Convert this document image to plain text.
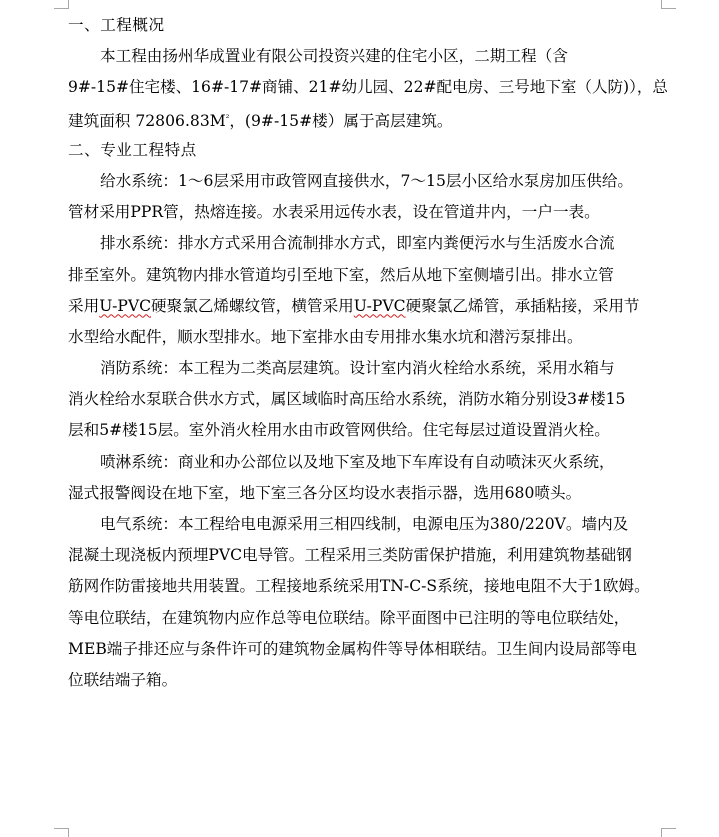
一、工程概况
本工程由扬州华成置业有限公司投资兴建的住宅小区，二期工程（含
9#-15#住宅楼、16#-17#商铺、21#幼儿园、22#配电房、三号地下室（人防)），总
建筑面积 $72806.83M^{^2}$，(9#-15#楼）属于高层建筑。
二、专业工程特点
给水系统：1～6层采用市政管网直接供水，7～15层小区给水泵房加压供给。
管材采用PPR管，热熔连接。水表采用远传水表，设在管道井内，一户一表。
排水系统：排水方式采用合流制排水方式，即室内粪便污水与生活废水合流
排至室外。建筑物内排水管道均引至地下室，然后从地下室侧墙引出。排水立管
采用U-PVC硬聚氯乙烯螺纹管，横管采用U-PVC硬聚氯乙烯管，承插粘接，采用节
水型给水配件，顺水型排水。地下室排水由专用排水集水坑和潜污泵排出。
消防系统：本工程为二类高层建筑。设计室内消火栓给水系统，采用水箱与
消火栓给水泵联合供水方式，属区域临时高压给水系统，消防水箱分别设3#楼15
层和5#楼15层。室外消火栓用水由市政管网供给。住宅每层过道设置消火栓。
喷淋系统：商业和办公部位以及地下室及地下车库设有自动喷沫灭火系统，
湿式报警阀设在地下室，地下室三各分区均设水表指示器，选用680喷头。
电气系统：本工程给电电源采用三相四线制，电源电压为380/220V。墙内及
混凝土现浇板内预埋PVC电导管。工程采用三类防雷保护措施，利用建筑物基础钢
筋网作防雷接地共用装置。工程接地系统采用TN-C-S系统，接地电阻不大于1欧姆。
等电位联结，在建筑物内应作总等电位联结。除平面图中已注明的等电位联结处，
MEB端子排还应与条件许可的建筑物金属构件等导体相联结。卫生间内设局部等电
位联结端子箱。
